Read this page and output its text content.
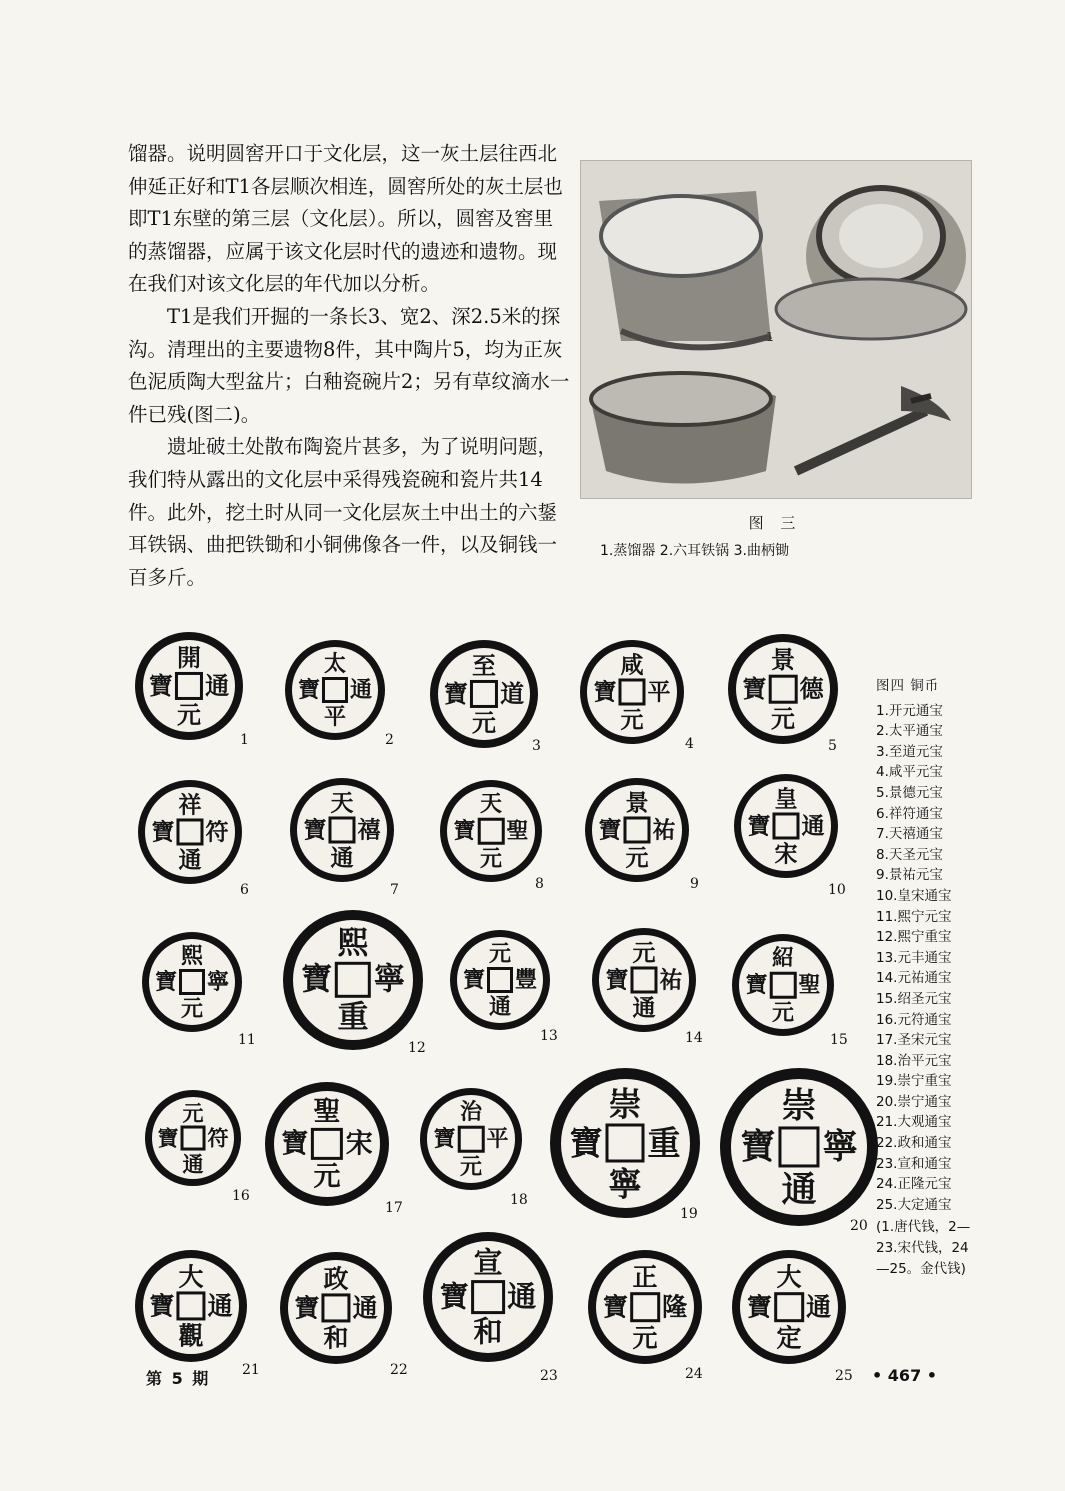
馏器。说明圆窖开口于文化层，这一灰土层往西北伸延正好和T1各层顺次相连，圆窖所处的灰土层也即T1东壁的第三层（文化层）。所以，圆窖及窖里的蒸馏器，应属于该文化层时代的遗迹和遗物。现在我们对该文化层的年代加以分析。

T1是我们开掘的一条长3、宽2、深2.5米的探沟。清理出的主要遗物8件，其中陶片5，均为正灰色泥质陶大型盆片；白釉瓷碗片2；另有草纹滴水一件已残(图二)。

遗址破土处散布陶瓷片甚多，为了说明问题，我们特从露出的文化层中采得残瓷碗和瓷片共14件。此外，挖土时从同一文化层灰土中出土的六鋬耳铁锅、曲把铁锄和小铜佛像各一件，以及铜钱一百多斤。

1
图 三
1.蒸馏器 2.六耳铁锅 3.曲柄锄
開
元
寶 通
1
太
平
寶 通
2
至
元
寶 道
3
咸
元
寶 平
4
景
元
寶 德
5
祥
通
寶 符
6
天
通
寶 禧
7
天
元
寶 聖
8
景
元
寶 祐
9
皇
宋
寶 通
10
熙
元
寶 寧
11
熙
重
寶 寧
12
元
通
寶 豐
13
元
通
寶 祐
14
紹
元
寶 聖
15
元
通
寶 符
16
聖
元
寶 宋
17
治
元
寶 平
18
崇
寧
寶 重
19
崇
通
寶 寧
20
大
觀
寶 通
21
政
和
寶 通
22
宣
和
寶 通
23
正
元
寶 隆
24
大
定
寶 通
25
图四 铜币
1.开元通宝
2.太平通宝
3.至道元宝
4.咸平元宝
5.景德元宝
6.祥符通宝
7.天禧通宝
8.天圣元宝
9.景祐元宝
10.皇宋通宝
11.熙宁元宝
12.熙宁重宝
13.元丰通宝
14.元祐通宝
15.绍圣元宝
16.元符通宝
17.圣宋元宝
18.治平元宝
19.崇宁重宝
20.崇宁通宝
21.大观通宝
22.政和通宝
23.宣和通宝
24.正隆元宝
25.大定通宝
(1.唐代钱，2—23.宋代钱，24—25。金代钱)
第 5 期	• 467 •
